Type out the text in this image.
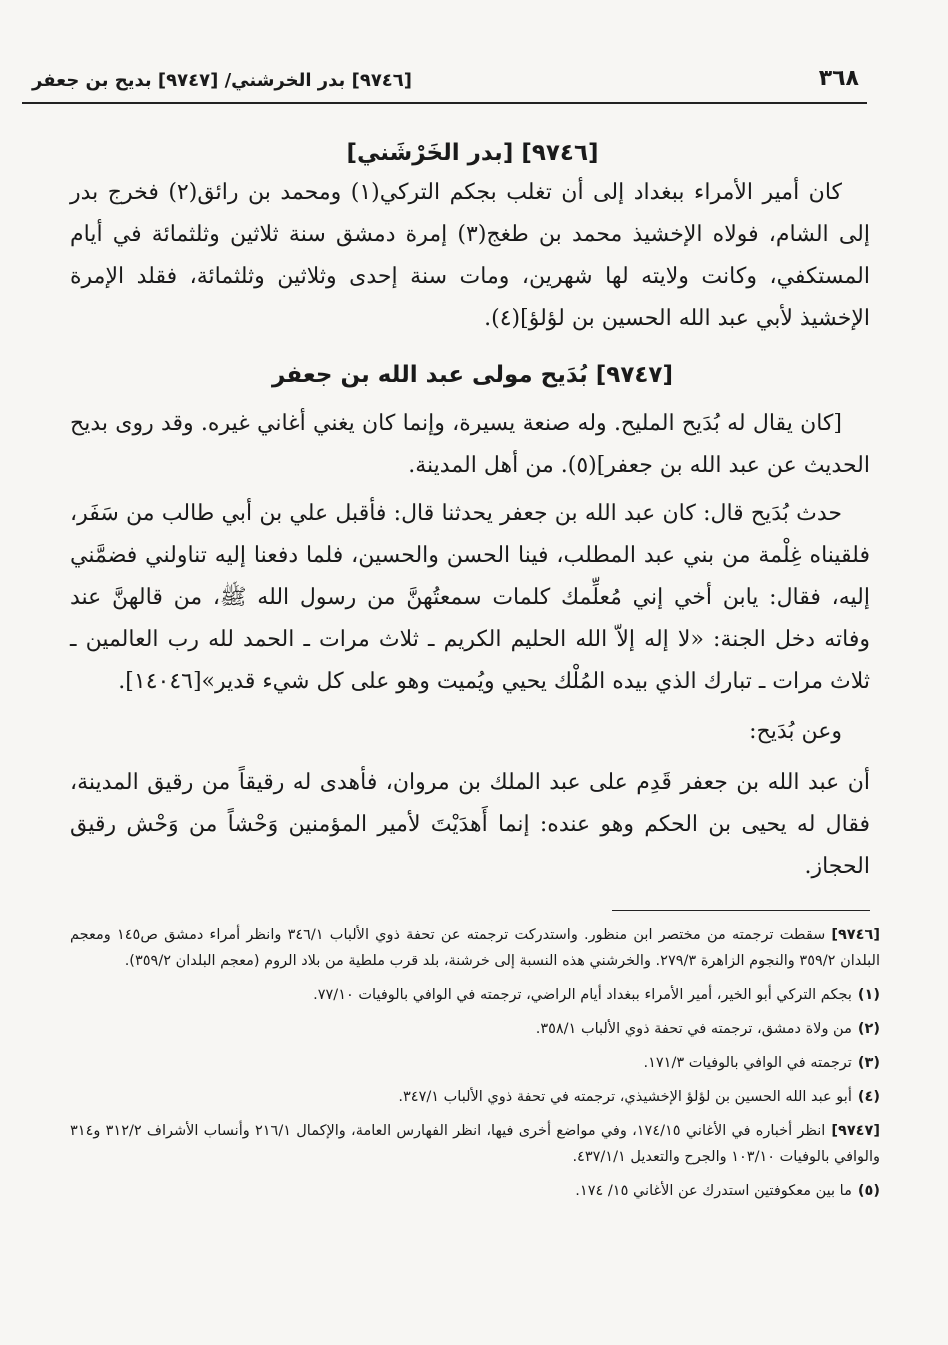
[٩٧٤٦] بدر الخرشني/ [٩٧٤٧] بديح بن جعفر	٣٦٨
[٩٧٤٦] [بدر الخَرْشَني]
كان أمير الأمراء ببغداد إلى أن تغلب بجكم التركي(١) ومحمد بن رائق(٢) فخرج بدر إلى الشام، فولاه الإخشيذ محمد بن طغج(٣) إمرة دمشق سنة ثلاثين وثلثمائة في أيام المستكفي، وكانت ولايته لها شهرين، ومات سنة إحدى وثلاثين وثلثمائة، فقلد الإمرة الإخشيذ لأبي عبد الله الحسين بن لؤلؤ](٤).
[٩٧٤٧] بُدَيح مولى عبد الله بن جعفر
[كان يقال له بُدَيح المليح. وله صنعة يسيرة، وإنما كان يغني أغاني غيره. وقد روى بديح الحديث عن عبد الله بن جعفر](٥). من أهل المدينة.
حدث بُدَيح قال: كان عبد الله بن جعفر يحدثنا قال: فأقبل علي بن أبي طالب من سَفَر، فلقيناه غِلْمة من بني عبد المطلب، فينا الحسن والحسين، فلما دفعنا إليه تناولني فضمَّني إليه، فقال: يابن أخي إني مُعلِّمك كلمات سمعتُهنَّ من رسول الله ﷺ، من قالهنَّ عند وفاته دخل الجنة: «لا إله إلاّ الله الحليم الكريم ـ ثلاث مرات ـ الحمد لله رب العالمين ـ ثلاث مرات ـ تبارك الذي بيده المُلْك يحيي ويُميت وهو على كل شيء قدير»[١٤٠٤٦].
وعن بُدَيح:
أن عبد الله بن جعفر قَدِم على عبد الملك بن مروان، فأهدى له رقيقاً من رقيق المدينة، فقال له يحيى بن الحكم وهو عنده: إنما أَهدَيْتَ لأمير المؤمنين وَحْشاً من وَحْش رقيق الحجاز.

[٩٧٤٦]سقطت ترجمته من مختصر ابن منظور. واستدركت ترجمته عن تحفة ذوي الألباب ٣٤٦/١ وانظر أمراء دمشق ص١٤٥ ومعجم البلدان ٣٥٩/٢ والنجوم الزاهرة ٢٧٩/٣. والخرشني هذه النسبة إلى خرشنة، بلد قرب ملطية من بلاد الروم (معجم البلدان ٣٥٩/٢).

(١)بجكم التركي أبو الخير، أمير الأمراء ببغداد أيام الراضي، ترجمته في الوافي بالوفيات ٧٧/١٠.

(٢)من ولاة دمشق، ترجمته في تحفة ذوي الألباب ٣٥٨/١.

(٣)ترجمته في الوافي بالوفيات ١٧١/٣.

(٤)أبو عبد الله الحسين بن لؤلؤ الإخشيذي، ترجمته في تحفة ذوي الألباب ٣٤٧/١.

[٩٧٤٧]انظر أخباره في الأغاني ١٧٤/١٥، وفي مواضع أخرى فيها، انظر الفهارس العامة، والإكمال ٢١٦/١ وأنساب الأشراف ٣١٢/٢ و٣١٤ والوافي بالوفيات ١٠٣/١٠ والجرح والتعديل ٤٣٧/١/١.

(٥)ما بين معكوفتين استدرك عن الأغاني ١٥/ ١٧٤.
